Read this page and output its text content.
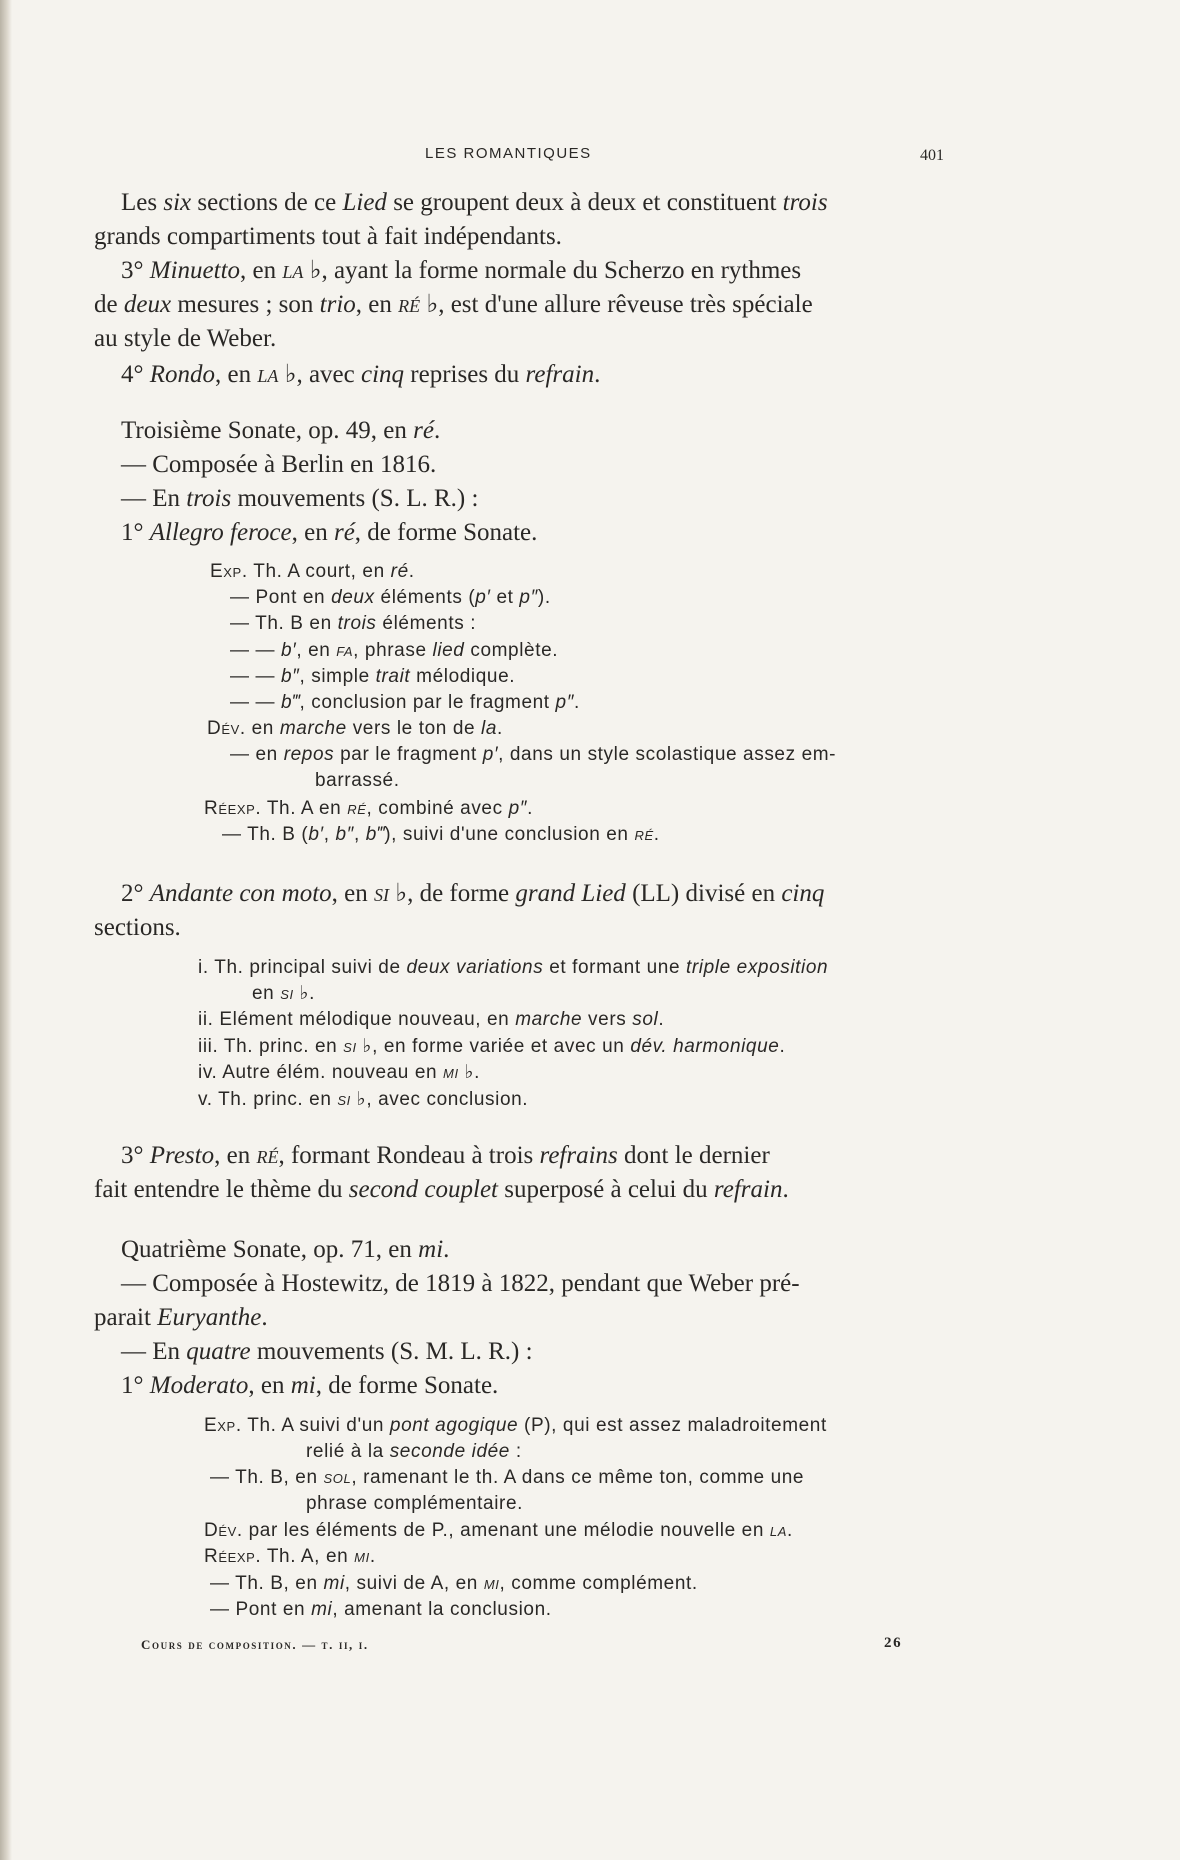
LES ROMANTIQUES	401
Les six sections de ce Lied se groupent deux à deux et constituent trois
grands compartiments tout à fait indépendants.
3° Minuetto, en la ♭, ayant la forme normale du Scherzo en rythmes
de deux mesures ; son trio, en ré ♭, est d'une allure rêveuse très spéciale
au style de Weber.
4° Rondo, en la ♭, avec cinq reprises du refrain.
Troisième Sonate, op. 49, en ré.
— Composée à Berlin en 1816.
— En trois mouvements (S. L. R.) :
1° Allegro feroce, en ré, de forme Sonate.
Exp. Th. A court, en ré.
— Pont en deux éléments (p′ et p″).
— Th. B en trois éléments :
— — b′, en fa, phrase lied complète.
— — b″, simple trait mélodique.
— — b‴, conclusion par le fragment p″.
Dév. en marche vers le ton de la.
— en repos par le fragment p′, dans un style scolastique assez em-
barrassé.
Réexp. Th. A en ré, combiné avec p″.
— Th. B (b′, b″, b‴), suivi d'une conclusion en ré.
2° Andante con moto, en si ♭, de forme grand Lied (LL) divisé en cinq
sections.
i. Th. principal suivi de deux variations et formant une triple exposition
en si ♭.
ii. Elément mélodique nouveau, en marche vers sol.
iii. Th. princ. en si ♭, en forme variée et avec un dév. harmonique.
iv. Autre élém. nouveau en mi ♭.
v. Th. princ. en si ♭, avec conclusion.
3° Presto, en ré, formant Rondeau à trois refrains dont le dernier
fait entendre le thème du second couplet superposé à celui du refrain.
Quatrième Sonate, op. 71, en mi.
— Composée à Hostewitz, de 1819 à 1822, pendant que Weber pré-
parait Euryanthe.
— En quatre mouvements (S. M. L. R.) :
1° Moderato, en mi, de forme Sonate.
Exp. Th. A suivi d'un pont agogique (P), qui est assez maladroitement
relié à la seconde idée :
— Th. B, en sol, ramenant le th. A dans ce même ton, comme une
phrase complémentaire.
Dév. par les éléments de P., amenant une mélodie nouvelle en la.
Réexp. Th. A, en mi.
— Th. B, en mi, suivi de A, en mi, comme complément.
— Pont en mi, amenant la conclusion.
Cours de composition. — t. ii, i.	26
